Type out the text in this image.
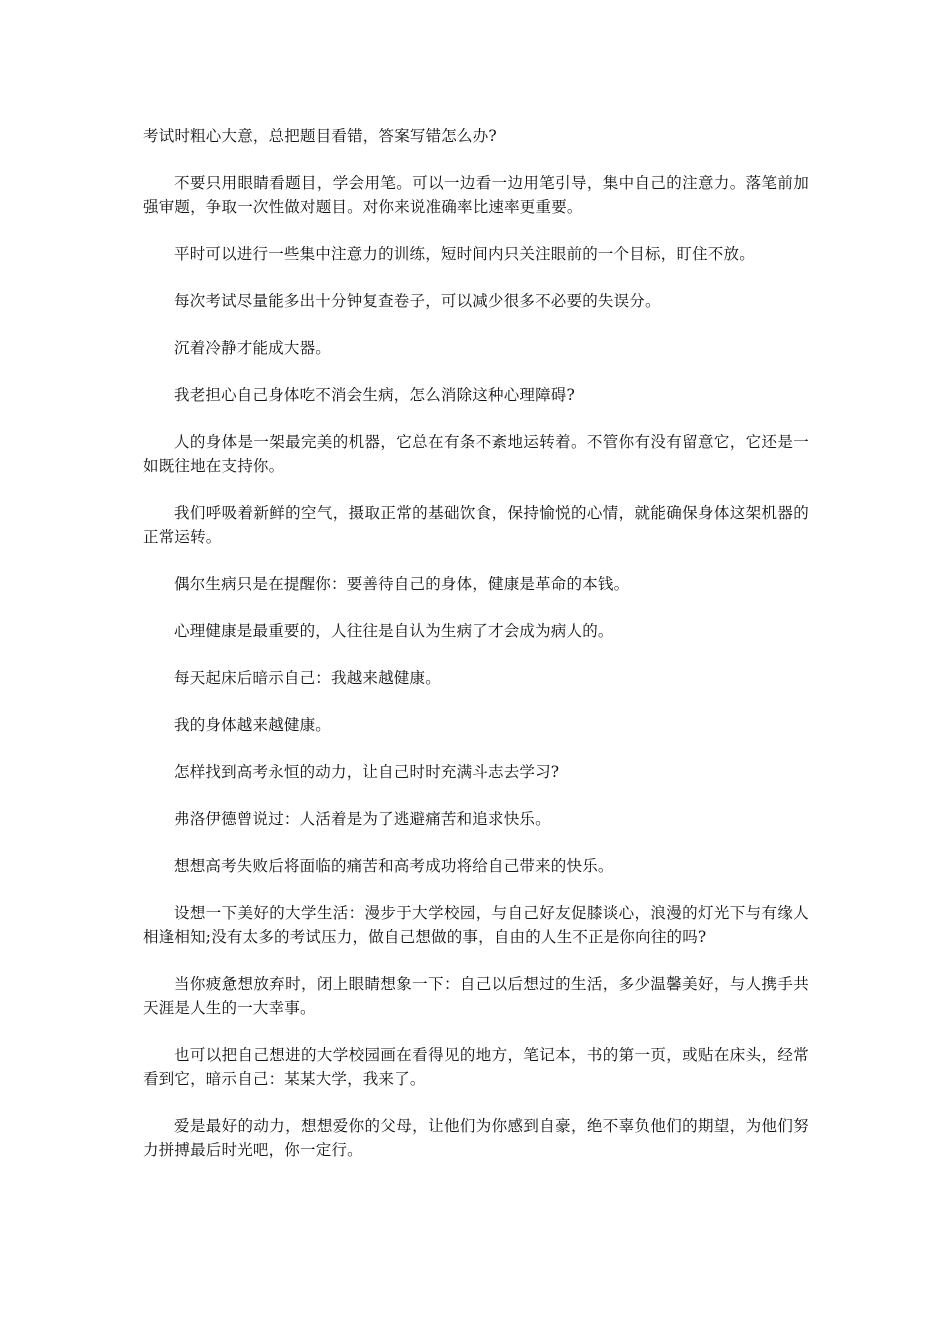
考试时粗心大意，总把题目看错，答案写错怎么办?

不要只用眼睛看题目，学会用笔。可以一边看一边用笔引导，集中自己的注意力。落笔前加强审题，争取一次性做对题目。对你来说准确率比速率更重要。

平时可以进行一些集中注意力的训练，短时间内只关注眼前的一个目标，盯住不放。

每次考试尽量能多出十分钟复查卷子，可以减少很多不必要的失误分。

沉着冷静才能成大器。

我老担心自己身体吃不消会生病，怎么消除这种心理障碍?

人的身体是一架最完美的机器，它总在有条不紊地运转着。不管你有没有留意它，它还是一如既往地在支持你。

我们呼吸着新鲜的空气，摄取正常的基础饮食，保持愉悦的心情，就能确保身体这架机器的正常运转。

偶尔生病只是在提醒你：要善待自己的身体，健康是革命的本钱。

心理健康是最重要的，人往往是自认为生病了才会成为病人的。

每天起床后暗示自己：我越来越健康。

我的身体越来越健康。

怎样找到高考永恒的动力，让自己时时充满斗志去学习?

弗洛伊德曾说过：人活着是为了逃避痛苦和追求快乐。

想想高考失败后将面临的痛苦和高考成功将给自己带来的快乐。

设想一下美好的大学生活：漫步于大学校园，与自己好友促膝谈心，浪漫的灯光下与有缘人相逢相知;没有太多的考试压力，做自己想做的事，自由的人生不正是你向往的吗?

当你疲惫想放弃时，闭上眼睛想象一下：自己以后想过的生活，多少温馨美好，与人携手共天涯是人生的一大幸事。

也可以把自己想进的大学校园画在看得见的地方，笔记本，书的第一页，或贴在床头，经常看到它，暗示自己：某某大学，我来了。

爱是最好的动力，想想爱你的父母，让他们为你感到自豪，绝不辜负他们的期望，为他们努力拼搏最后时光吧，你一定行。
